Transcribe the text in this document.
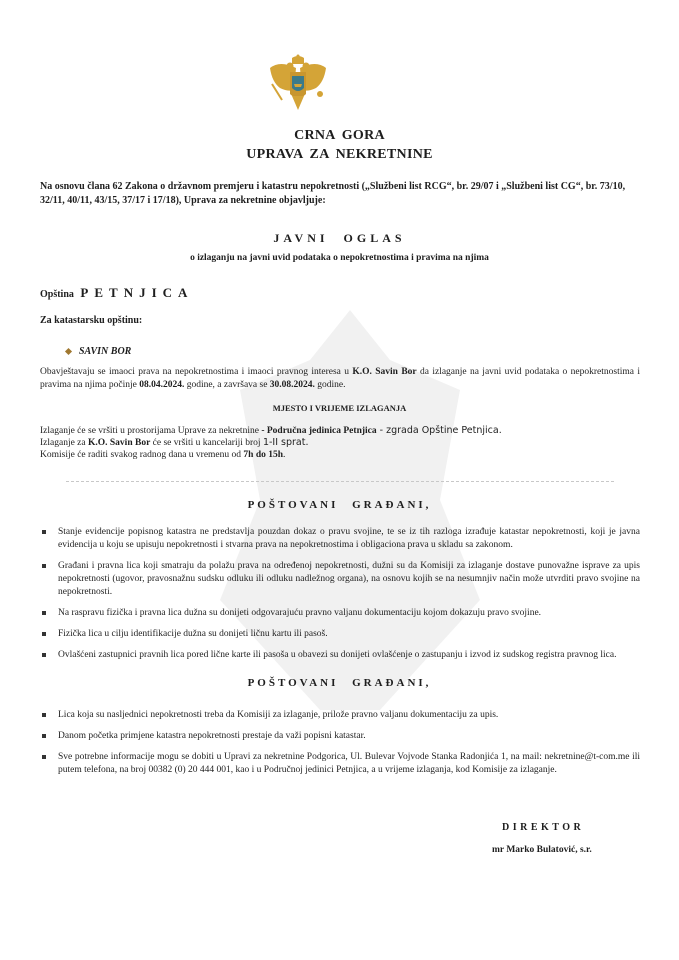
CRNA GORA
UPRAVA ZA NEKRETNINE
Na osnovu člana 62 Zakona o državnom premjeru i katastru nepokretnosti („Službeni list RCG“, br. 29/07 i „Službeni list CG“, br. 73/10, 32/11, 40/11, 43/15, 37/17 i 17/18), Uprava za nekretnine objavljuje:
JAVNI OGLAS
o izlaganju na javni uvid podataka o nepokretnostima i pravima na njima
Opština PETNJICA
Za katastarsku opštinu:
SAVIN BOR
Obavještavaju se imaoci prava na nepokretnostima i imaoci pravnog interesa u K.O. Savin Bor da izlaganje na javni uvid podataka o nepokretnostima i pravima na njima počinje 08.04.2024. godine, a završava se 30.08.2024. godine.
MJESTO I VRIJEME IZLAGANJA
Izlaganje će se vršiti u prostorijama Uprave za nekretnine - Područna jedinica Petnjica - zgrada Opštine Petnjica.
Izlaganje za K.O. Savin Bor će se vršiti u kancelariji broj 1-II sprat.
Komisije će raditi svakog radnog dana u vremenu od 7h do 15h.
POŠTOVANI GRAĐANI,
Stanje evidencije popisnog katastra ne predstavlja pouzdan dokaz o pravu svojine, te se iz tih razloga izrađuje katastar nepokretnosti, koji je javna evidencija u koju se upisuju nepokretnosti i stvarna prava na nepokretnostima i obligaciona prava u skladu sa zakonom.
Građani i pravna lica koji smatraju da polažu prava na određenoj nepokretnosti, dužni su da Komisiji za izlaganje dostave punovažne isprave za upis nepokretnosti (ugovor, pravosnažnu sudsku odluku ili odluku nadležnog organa), na osnovu kojih se na nesumnjiv način može utvrditi pravo svojine na nepokretnosti.
Na raspravu fizička i pravna lica dužna su donijeti odgovarajuću pravno valjanu dokumentaciju kojom dokazuju pravo svojine.
Fizička lica u cilju identifikacije dužna su donijeti ličnu kartu ili pasoš.
Ovlašćeni zastupnici pravnih lica pored lične karte ili pasoša u obavezi su donijeti ovlašćenje o zastupanju i izvod iz sudskog registra pravnog lica.
POŠTOVANI GRAĐANI,
Lica koja su nasljednici nepokretnosti treba da Komisiji za izlaganje, prilože pravno valjanu dokumentaciju za upis.
Danom početka primjene katastra nepokretnosti prestaje da važi popisni katastar.
Sve potrebne informacije mogu se dobiti u Upravi za nekretnine Podgorica, Ul. Bulevar Vojvode Stanka Radonjića 1, na mail: nekretnine@t-com.me ili putem telefona, na broj 00382 (0) 20 444 001, kao i u Područnoj jedinici Petnjica, a u vrijeme izlaganja, kod Komisije za izlaganje.
DIREKTOR
mr Marko Bulatović, s.r.
